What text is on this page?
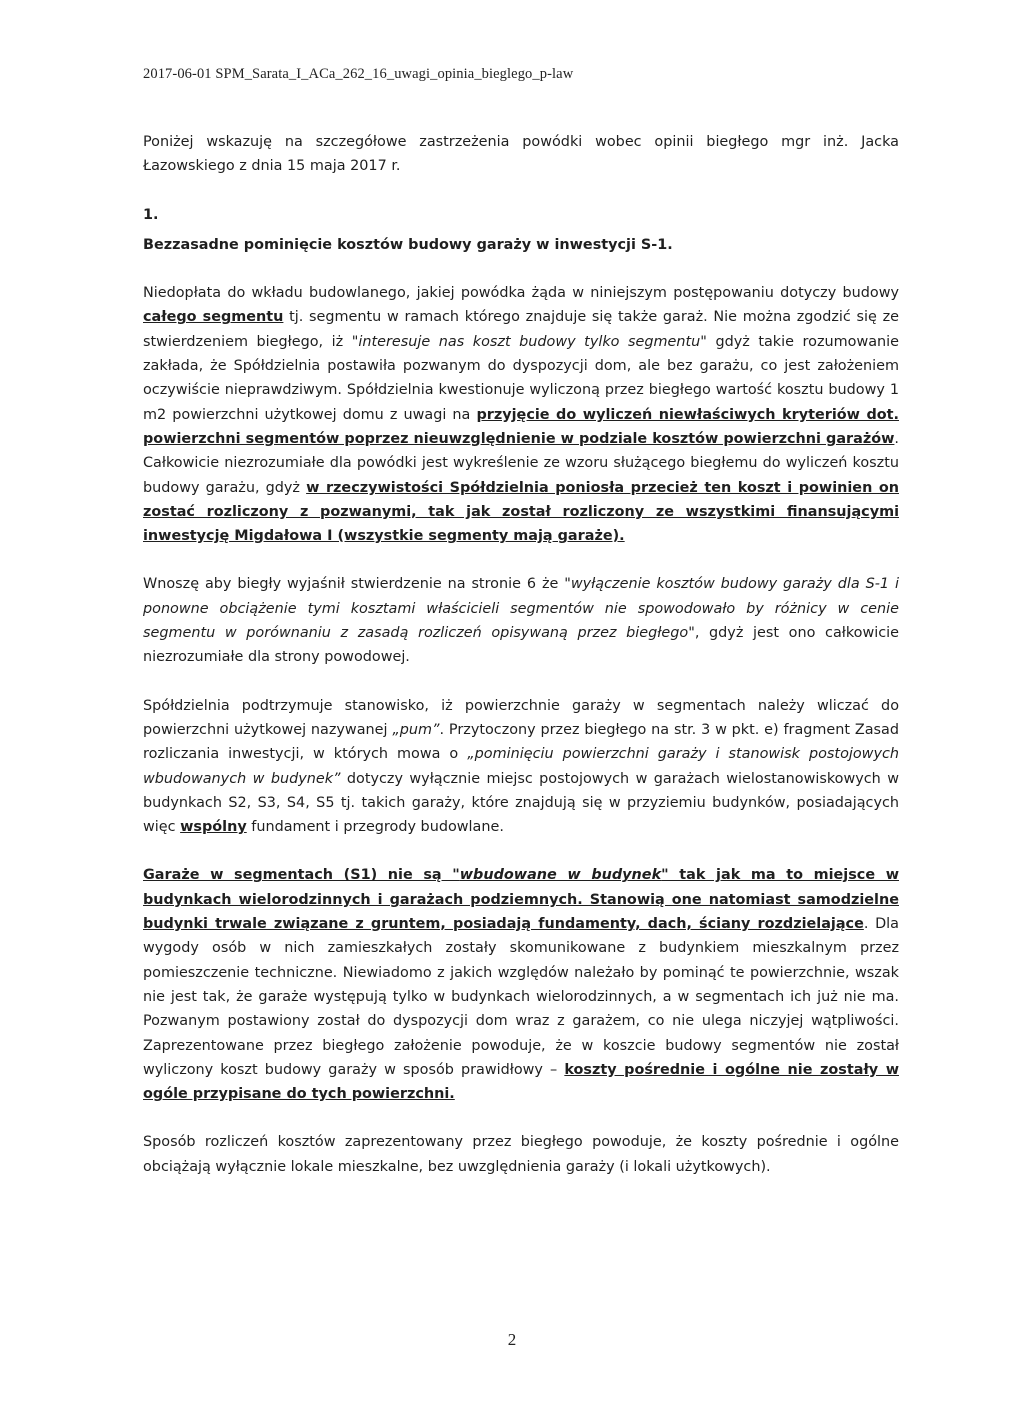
2017-06-01 SPM_Sarata_I_ACa_262_16_uwagi_opinia_bieglego_p-law

Poniżej wskazuję na szczegółowe zastrzeżenia powódki wobec opinii biegłego mgr inż. Jacka Łazowskiego z dnia 15 maja 2017 r.

1.

Bezzasadne pominięcie kosztów budowy garaży w inwestycji S-1.

Niedopłata do wkładu budowlanego, jakiej powódka żąda w niniejszym postępowaniu dotyczy budowy całego segmentu tj. segmentu w ramach którego znajduje się także garaż. Nie można zgodzić się ze stwierdzeniem biegłego, iż "interesuje nas koszt budowy tylko segmentu" gdyż takie rozumowanie zakłada, że Spółdzielnia postawiła pozwanym do dyspozycji dom, ale bez garażu, co jest założeniem oczywiście nieprawdziwym. Spółdzielnia kwestionuje wyliczoną przez biegłego wartość kosztu budowy 1 m2 powierzchni użytkowej domu z uwagi na przyjęcie do wyliczeń niewłaściwych kryteriów dot. powierzchni segmentów poprzez nieuwzględnienie w podziale kosztów powierzchni garażów. Całkowicie niezrozumiałe dla powódki jest wykreślenie ze wzoru służącego biegłemu do wyliczeń kosztu budowy garażu, gdyż w rzeczywistości Spółdzielnia poniosła przecież ten koszt i powinien on zostać rozliczony z pozwanymi, tak jak został rozliczony ze wszystkimi finansującymi inwestycję Migdałowa I (wszystkie segmenty mają garaże).

Wnoszę aby biegły wyjaśnił stwierdzenie na stronie 6 że "wyłączenie kosztów budowy garaży dla S-1 i ponowne obciążenie tymi kosztami właścicieli segmentów nie spowodowało by różnicy w cenie segmentu w porównaniu z zasadą rozliczeń opisywaną przez biegłego", gdyż jest ono całkowicie niezrozumiałe dla strony powodowej.

Spółdzielnia podtrzymuje stanowisko, iż powierzchnie garaży w segmentach należy wliczać do powierzchni użytkowej nazywanej „pum”. Przytoczony przez biegłego na str. 3 w pkt. e) fragment Zasad rozliczania inwestycji, w których mowa o „pominięciu powierzchni garaży i stanowisk postojowych wbudowanych w budynek” dotyczy wyłącznie miejsc postojowych w garażach wielostanowiskowych w budynkach S2, S3, S4, S5 tj. takich garaży, które znajdują się w przyziemiu budynków, posiadających więc wspólny fundament i przegrody budowlane.

Garaże w segmentach (S1) nie są "wbudowane w budynek" tak jak ma to miejsce w budynkach wielorodzinnych i garażach podziemnych. Stanowią one natomiast samodzielne budynki trwale związane z gruntem, posiadają fundamenty, dach, ściany rozdzielające. Dla wygody osób w nich zamieszkałych zostały skomunikowane z budynkiem mieszkalnym przez pomieszczenie techniczne. Niewiadomo z jakich względów należało by pominąć te powierzchnie, wszak nie jest tak, że garaże występują tylko w budynkach wielorodzinnych, a w segmentach ich już nie ma. Pozwanym postawiony został do dyspozycji dom wraz z garażem, co nie ulega niczyjej wątpliwości. Zaprezentowane przez biegłego założenie powoduje, że w koszcie budowy segmentów nie został wyliczony koszt budowy garaży w sposób prawidłowy – koszty pośrednie i ogólne nie zostały w ogóle przypisane do tych powierzchni.

Sposób rozliczeń kosztów zaprezentowany przez biegłego powoduje, że koszty pośrednie i ogólne obciążają wyłącznie lokale mieszkalne, bez uwzględnienia garaży (i lokali użytkowych).

2
